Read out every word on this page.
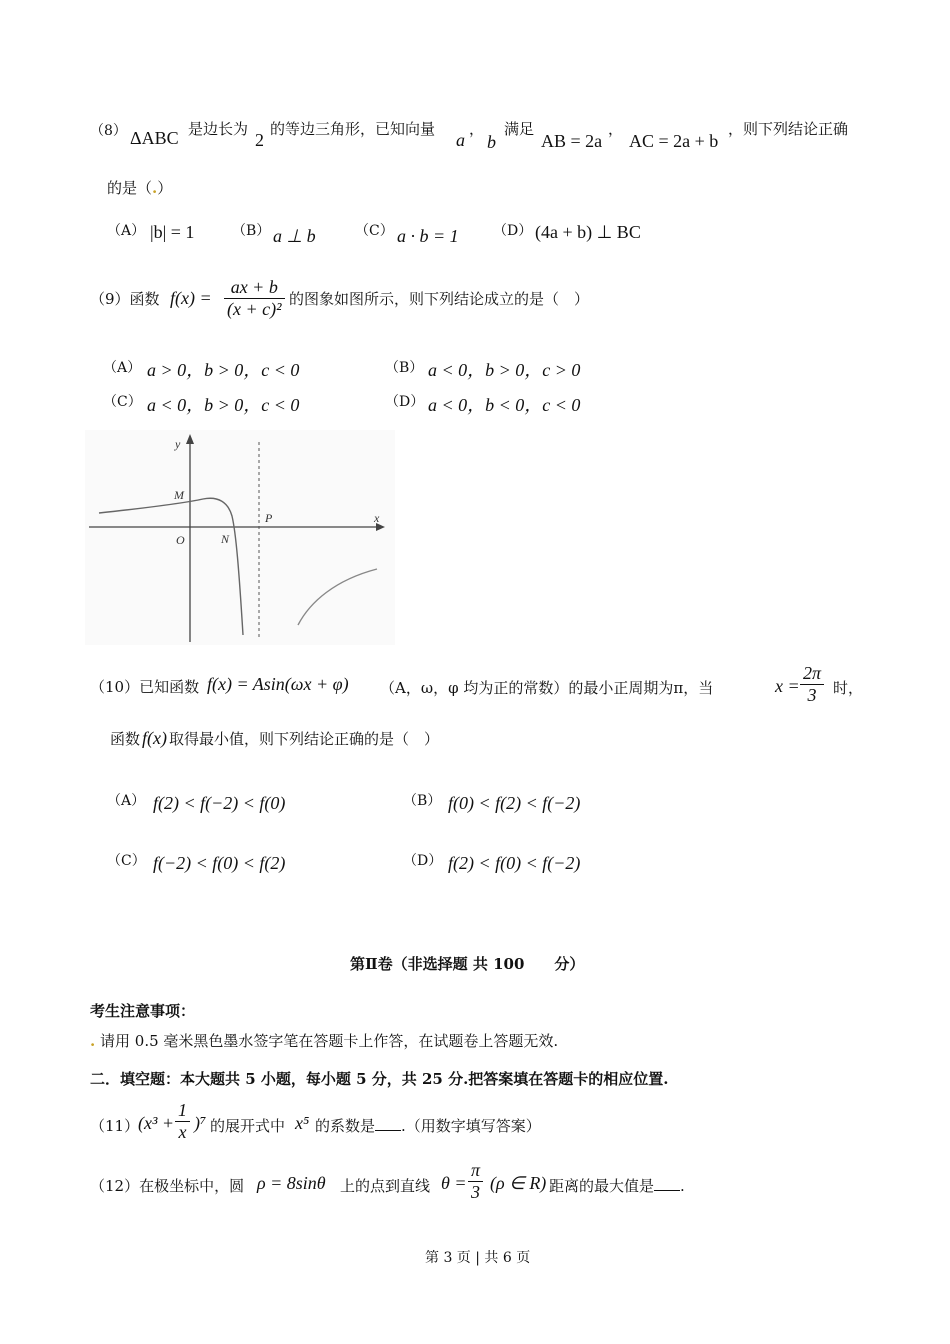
（8） ΔABC 是边长为
2
的等边三角形，已知向量
a
，
b
满足
AB = 2a
，
AC = 2a + b
，则下列结论正确
的是（.）
（A） |b| = 1	（B） a ⊥ b	（C） a · b = 1 （D） (4a + b) ⊥ BC
（9）函数 $f(x) = \frac{ax + b}{\text{(x + c)²}}$ 的图象如图所示，则下列结论成立的是（　）
（A） a > 0，b > 0，c < 0	（B） a < 0，b > 0，c > 0
（C） a < 0，b > 0，c < 0	（D） a < 0，b < 0，c < 0
y
x
M
O	N
P
（10）已知函数 f(x) = Asin(ωx + φ) （A，ω，φ 均为正的常数）的最小正周期为π，当	$x = \frac{2\pi}{3}$ 时，
函数 f(x) 取得最小值，则下列结论正确的是（　）
（A） f(2) < f(−2) < f(0)	（B） f(0) < f(2) < f(−2)
（C） f(−2) < f(0) < f(2)	（D） f(2) < f(0) < f(−2)
第Ⅱ卷（非选择题 共 100　　分）
考生注意事项：
. 请用 0.5 毫米黑色墨水签字笔在答题卡上作答，在试题卷上答题无效.
二．填空题：本大题共 5 小题，每小题 5 分，共 25 分.把答案填在答题卡的相应位置.
（11）
$(x^3 + \frac{1}{x} )^7$ 的展开式中 x⁵ 的系数是 .（用数字填写答案）
（12）在极坐标中，圆 ρ = 8sinθ 上的点到直线 $\theta = \frac{\pi}{3} (\rho$ ∈ R) 距离的最大值是 .
第 3 页 | 共 6 页
